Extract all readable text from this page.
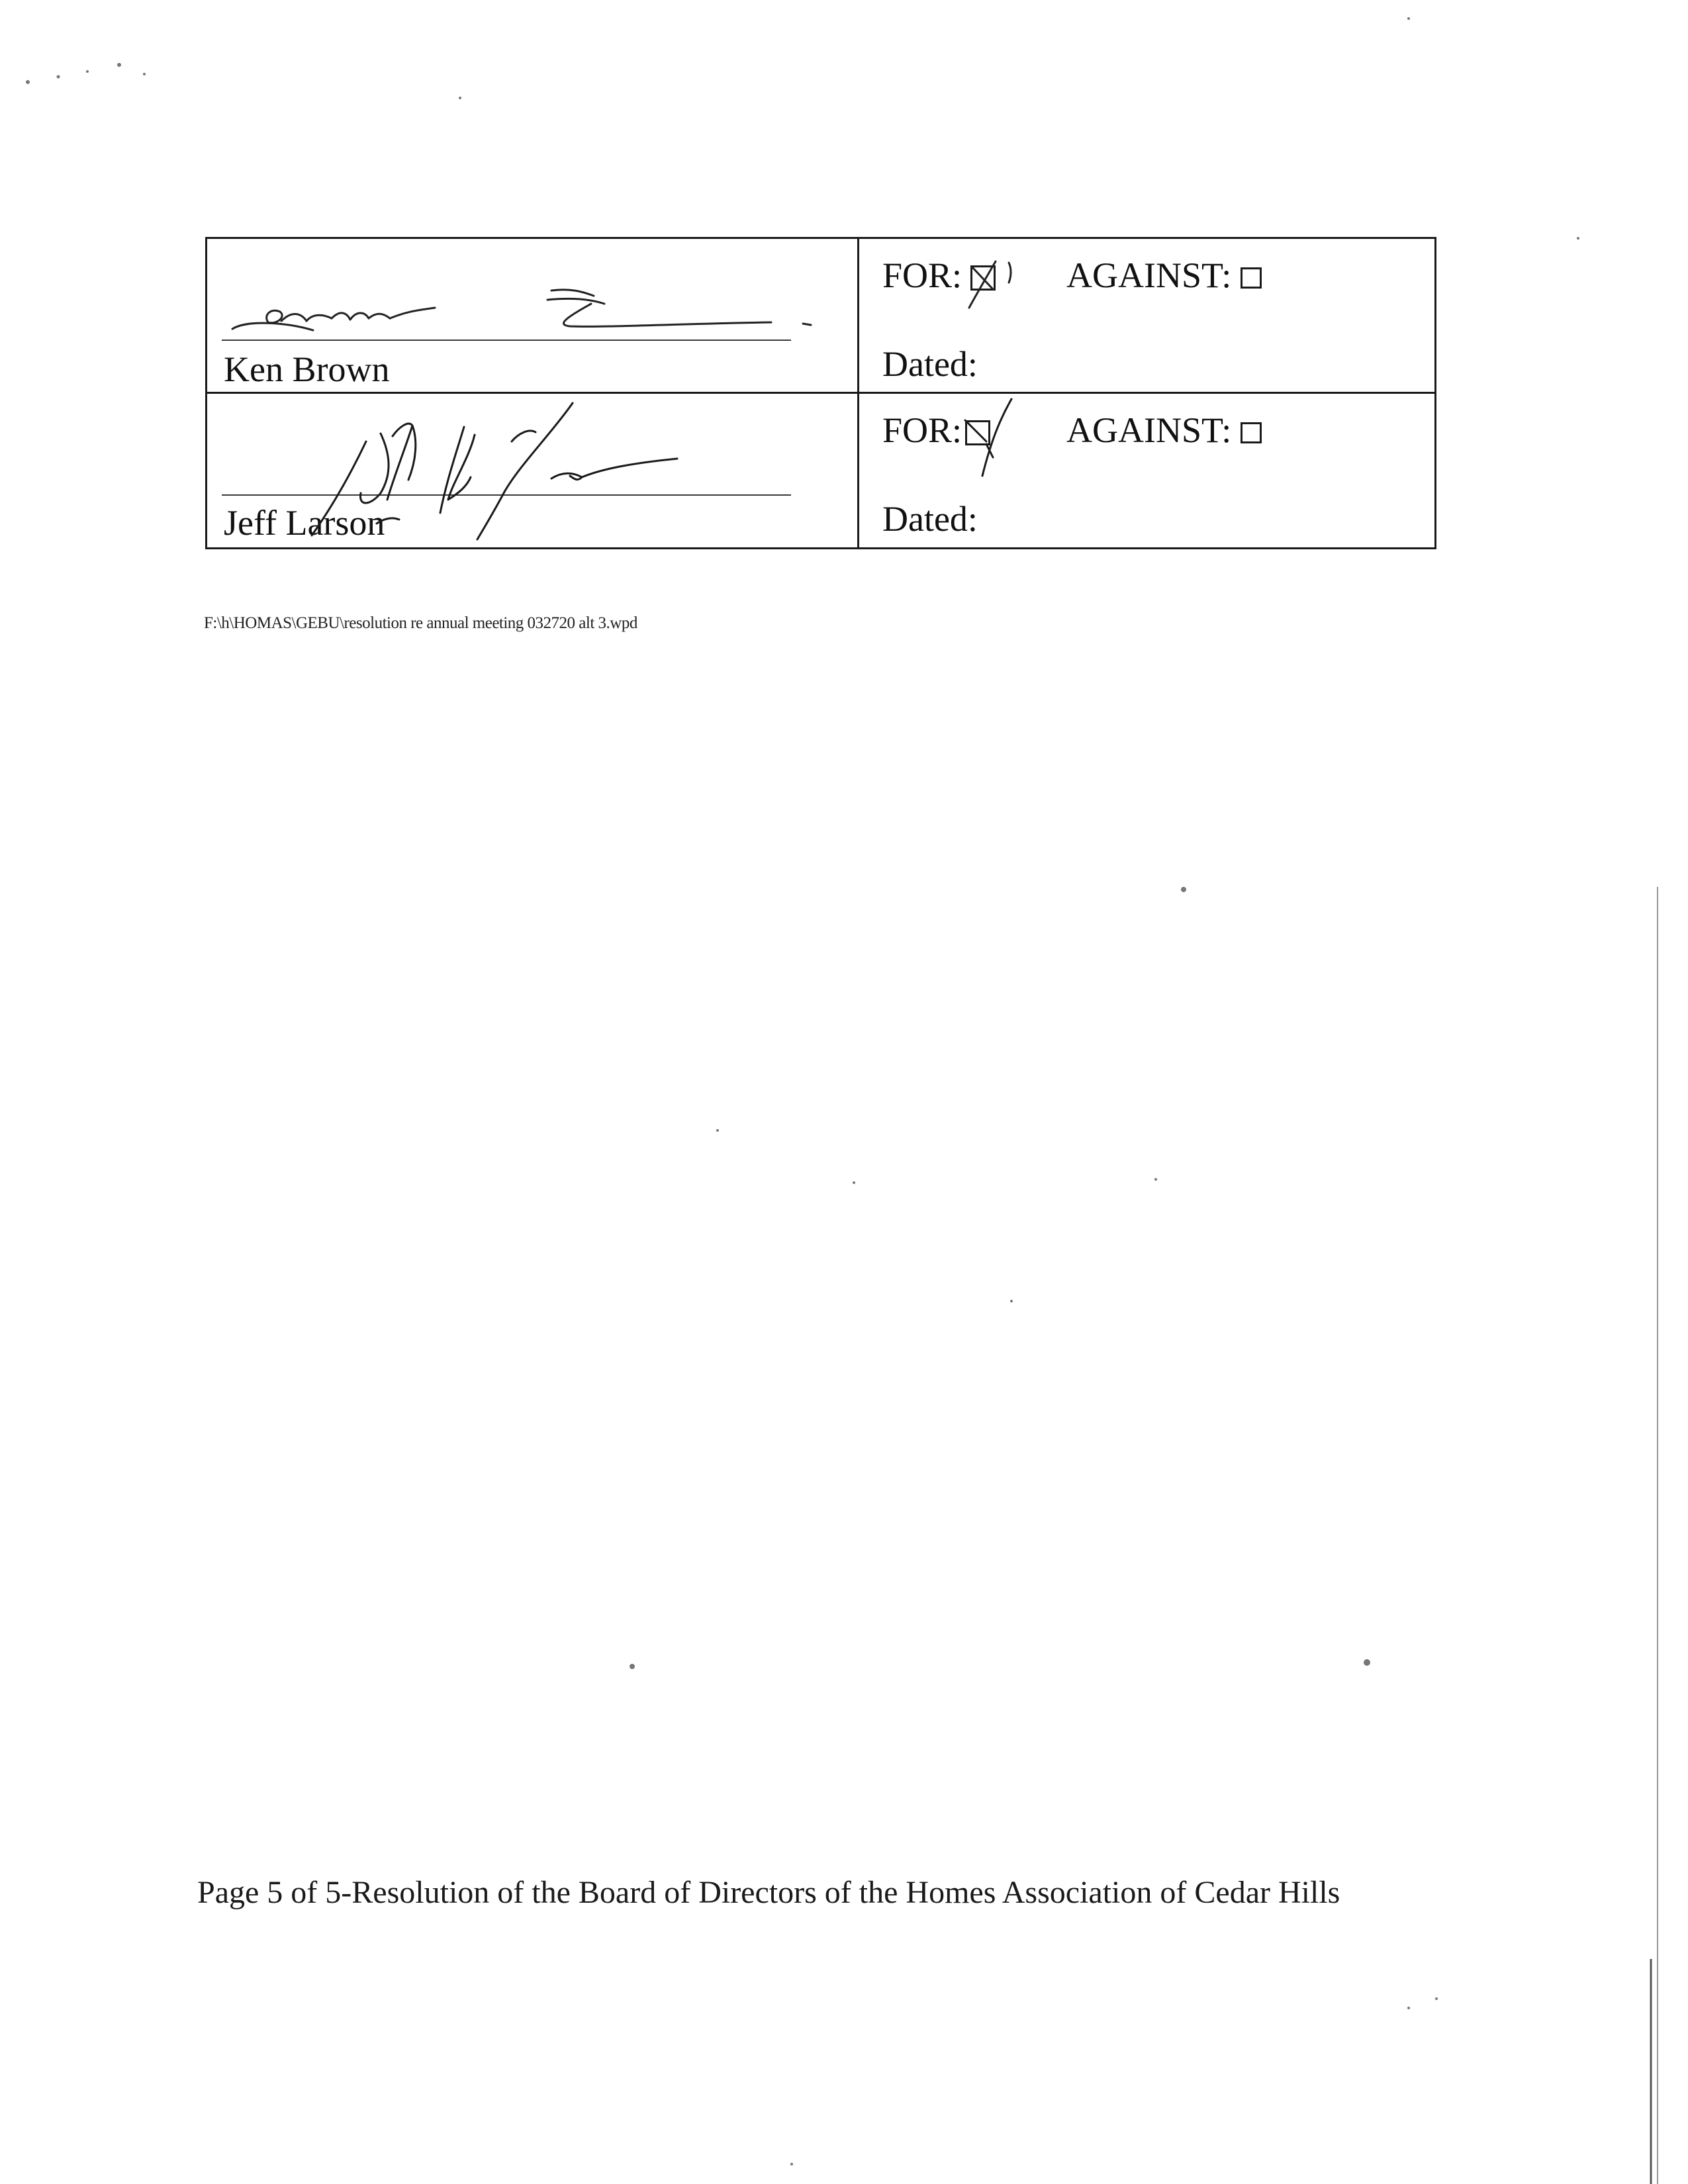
Ken Brown
FOR:	AGAINST:
Dated:
Jeff Larson
FOR:	AGAINST:
Dated:
F:\h\HOMAS\GEBU\resolution re annual meeting 032720 alt 3.wpd
Page 5 of 5-Resolution of the Board of Directors of the Homes Association of Cedar Hills
